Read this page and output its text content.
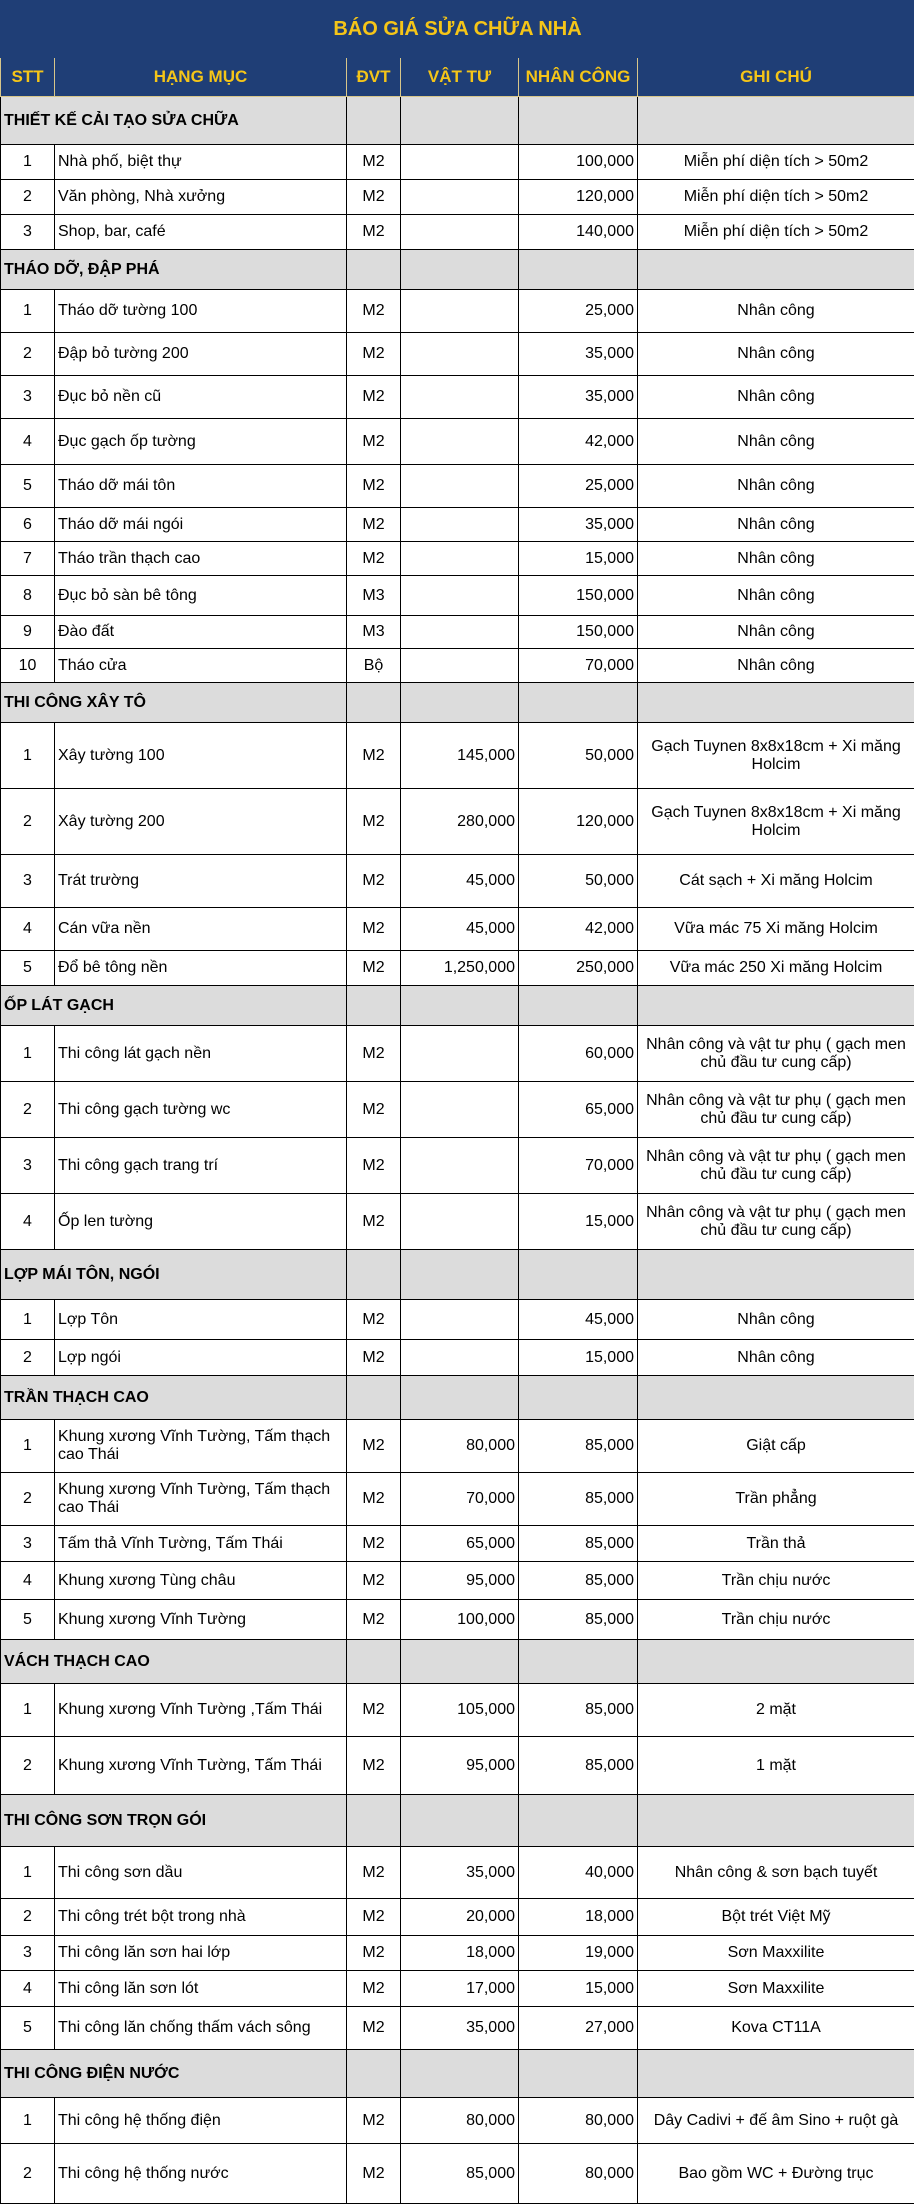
BÁO GIÁ SỬA CHỮA NHÀ					
STT	HẠNG MỤC	ĐVT	VẬT TƯ	NHÂN CÔNG	GHI CHÚ
THIẾT KẾ CẢI TẠO SỬA CHỮA					
1	Nhà phố, biệt thự	M2		100,000	Miễn phí diện tích > 50m2
2	Văn phòng, Nhà xưởng	M2		120,000	Miễn phí diện tích > 50m2
3	Shop, bar, café	M2		140,000	Miễn phí diện tích > 50m2
THÁO DỠ, ĐẬP PHÁ					
1	Tháo dỡ tường 100	M2		25,000	Nhân công
2	Đập bỏ tường 200	M2		35,000	Nhân công
3	Đục bỏ nền cũ	M2		35,000	Nhân công
4	Đục gạch ốp tường	M2		42,000	Nhân công
5	Tháo dỡ mái tôn	M2		25,000	Nhân công
6	Tháo dỡ mái ngói	M2		35,000	Nhân công
7	Tháo trần thạch cao	M2		15,000	Nhân công
8	Đục bỏ sàn bê tông	M3		150,000	Nhân công
9	Đào đất	M3		150,000	Nhân công
10	Tháo cửa	Bộ		70,000	Nhân công
THI CÔNG XÂY TÔ					
1	Xây tường 100	M2	145,000	50,000	Gạch Tuynen 8x8x18cm + Xi măng Holcim
2	Xây tường 200	M2	280,000	120,000	Gạch Tuynen 8x8x18cm + Xi măng Holcim
3	Trát trường	M2	45,000	50,000	Cát sạch + Xi măng Holcim
4	Cán vữa nền	M2	45,000	42,000	Vữa mác 75 Xi măng Holcim
5	Đổ bê tông nền	M2	1,250,000	250,000	Vữa mác 250 Xi măng Holcim
ỐP LÁT GẠCH					
1	Thi công lát gạch nền	M2		60,000	Nhân công và vật tư phụ ( gạch men chủ đầu tư cung cấp)
2	Thi công gạch tường wc	M2		65,000	Nhân công và vật tư phụ ( gạch men chủ đầu tư cung cấp)
3	Thi công gạch trang trí	M2		70,000	Nhân công và vật tư phụ ( gạch men chủ đầu tư cung cấp)
4	Ốp len tường	M2		15,000	Nhân công và vật tư phụ ( gạch men chủ đầu tư cung cấp)
LỢP MÁI TÔN, NGÓI					
1	Lợp Tôn	M2		45,000	Nhân công
2	Lợp ngói	M2		15,000	Nhân công
TRẦN THẠCH CAO					
1	Khung xương Vĩnh Tường, Tấm thạch cao Thái	M2	80,000	85,000	Giật cấp
2	Khung xương Vĩnh Tường, Tấm thạch cao Thái	M2	70,000	85,000	Trần phẳng
3	Tấm thả Vĩnh Tường, Tấm Thái	M2	65,000	85,000	Trần thả
4	Khung xương Tùng châu	M2	95,000	85,000	Trần chịu nước
5	Khung xương Vĩnh Tường	M2	100,000	85,000	Trần chịu nước
VÁCH THẠCH CAO					
1	Khung xương Vĩnh Tường ,Tấm Thái	M2	105,000	85,000	2 mặt
2	Khung xương Vĩnh Tường, Tấm Thái	M2	95,000	85,000	1 mặt
THI CÔNG SƠN TRỌN GÓI					
1	Thi công sơn dầu	M2	35,000	40,000	Nhân công & sơn bạch tuyết
2	Thi công trét bột trong nhà	M2	20,000	18,000	Bột trét Việt Mỹ
3	Thi công lăn sơn hai lớp	M2	18,000	19,000	Sơn Maxxilite
4	Thi công lăn sơn lót	M2	17,000	15,000	Sơn Maxxilite
5	Thi công lăn chống thấm vách sông	M2	35,000	27,000	Kova CT11A
THI CÔNG ĐIỆN NƯỚC					
1	Thi công hệ thống điện	M2	80,000	80,000	Dây Cadivi + đế âm Sino + ruột gà
2	Thi công hệ thống nước	M2	85,000	80,000	Bao gồm WC + Đường trục
